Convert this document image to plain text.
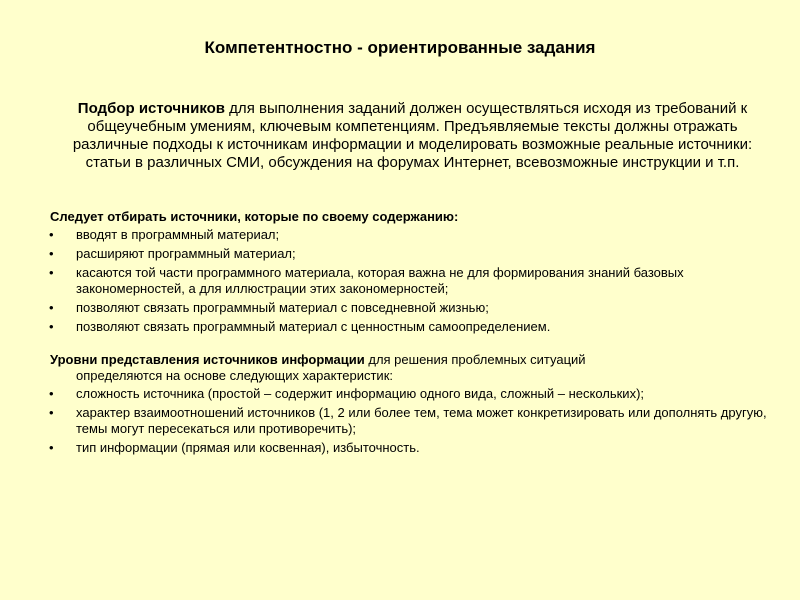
Компетентностно - ориентированные задания
Подбор источников для выполнения заданий должен осуществляться исходя из требований к общеучебным умениям, ключевым компетенциям. Предъявляемые тексты должны отражать различные подходы к источникам информации и моделировать возможные реальные источники: статьи в различных СМИ, обсуждения на форумах Интернет, всевозможные инструкции и т.п.
Следует отбирать источники, которые по своему содержанию:
• вводят в программный материал;
• расширяют программный материал;
• касаются той части программного материала, которая важна не для формирования знаний базовых закономерностей, а для иллюстрации этих закономерностей;
• позволяют связать программный материал с повседневной жизнью;
• позволяют связать программный материал с ценностным самоопределением.
Уровни представления источников информации для решения проблемных ситуаций
определяются на основе следующих характеристик:
• сложность источника (простой – содержит информацию одного вида, сложный – нескольких);
• характер взаимоотношений источников (1, 2 или более тем, тема может конкретизировать или дополнять другую, темы могут пересекаться или противоречить);
• тип информации (прямая или косвенная), избыточность.
